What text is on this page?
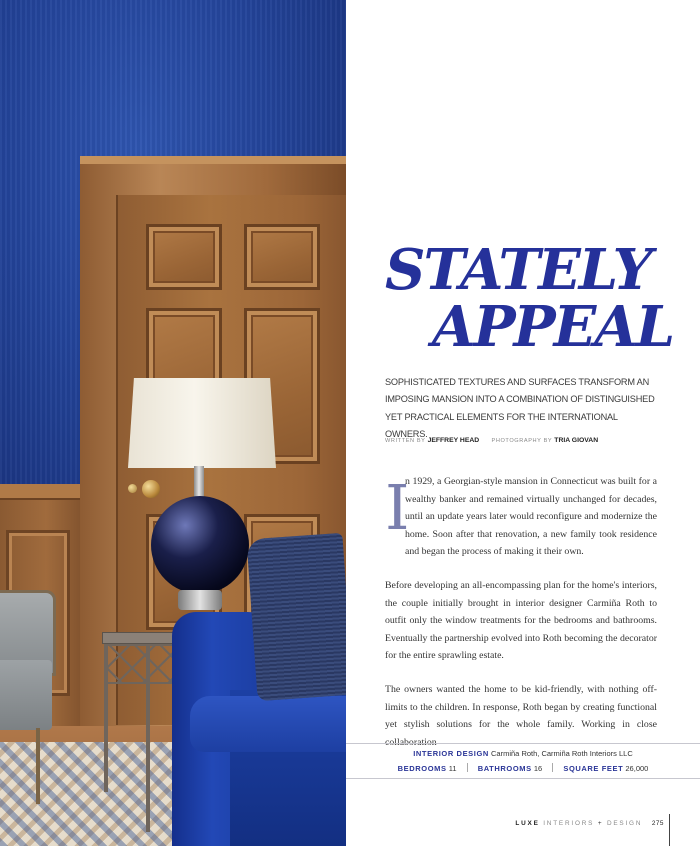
STATELY
APPEAL

SOPHISTICATED TEXTURES AND SURFACES TRANSFORM AN IMPOSING MANSION INTO A COMBINATION OF DISTINGUISHED YET PRACTICAL ELEMENTS FOR THE INTERNATIONAL OWNERS.

WRITTEN BY JEFFREY HEAD PHOTOGRAPHY BY TRIA GIOVAN

I
n 1929, a Georgian-style mansion in Connecticut was built for a wealthy banker and remained virtually unchanged for decades, until an update years later would reconfigure and modernize the home. Soon after that renovation, a new family took residence and began the process of making it their own.

Before developing an all-encompassing plan for the home's interiors, the couple initially brought in interior designer Carmiña Roth to outfit only the window treatments for the bedrooms and bathrooms. Eventually the partnership evolved into Roth becoming the decorator for the entire sprawling estate.

The owners wanted the home to be kid-friendly, with nothing off-limits to the children. In response, Roth began by creating functional yet stylish solutions for the whole family. Working in close collaboration

INTERIOR DESIGN Carmiña Roth, Carmiña Roth Interiors LLC
BEDROOMS 11	BATHROOMS 16	SQUARE FEET 26,000
LUXE INTERIORS + DESIGN 275
